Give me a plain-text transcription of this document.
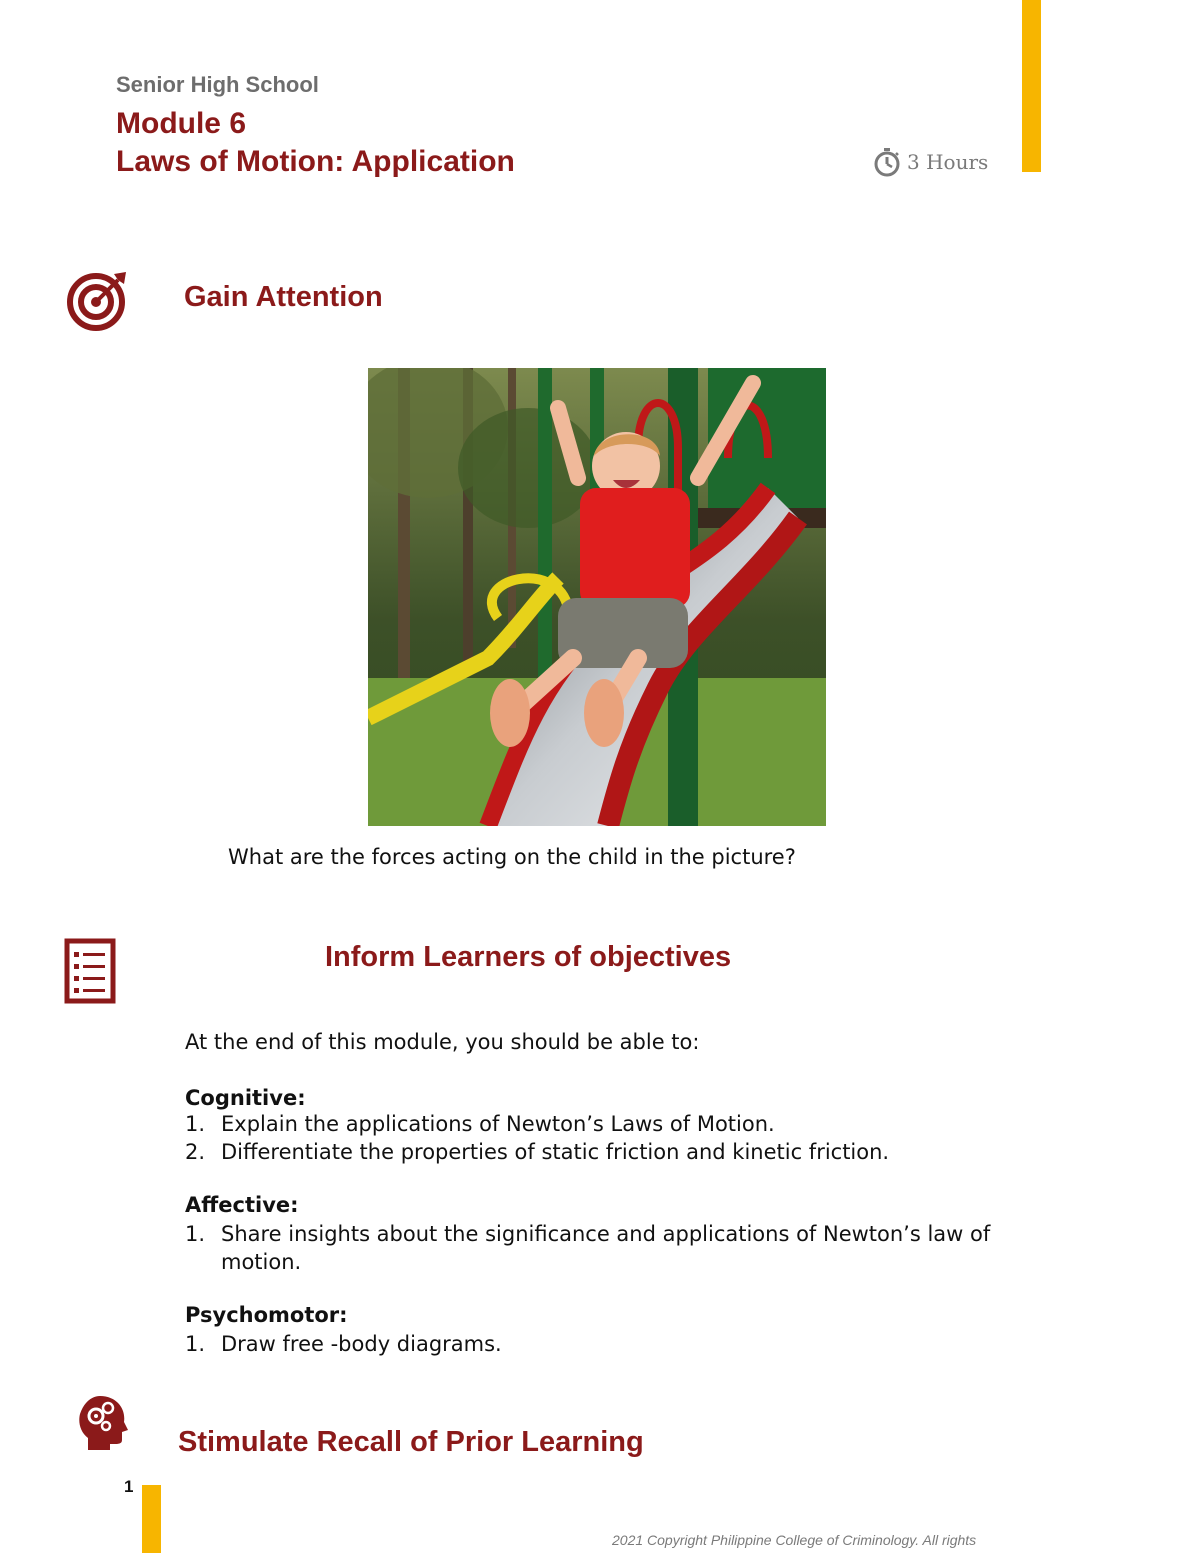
Senior High School
Module 6
Laws of Motion: Application	3 Hours
Gain Attention
What are the forces acting on the child in the picture?
Inform Learners of objectives
At the end of this module, you should be able to:
Cognitive:
1. Explain the applications of Newton’s Laws of Motion.
2. Differentiate the properties of static friction and kinetic friction.
Affective:
1. Share insights about the significance and applications of Newton’s law of motion.
Psychomotor:
1. Draw free -body diagrams.
Stimulate Recall of Prior Learning
1
2021 Copyright Philippine College of Criminology. All rights
